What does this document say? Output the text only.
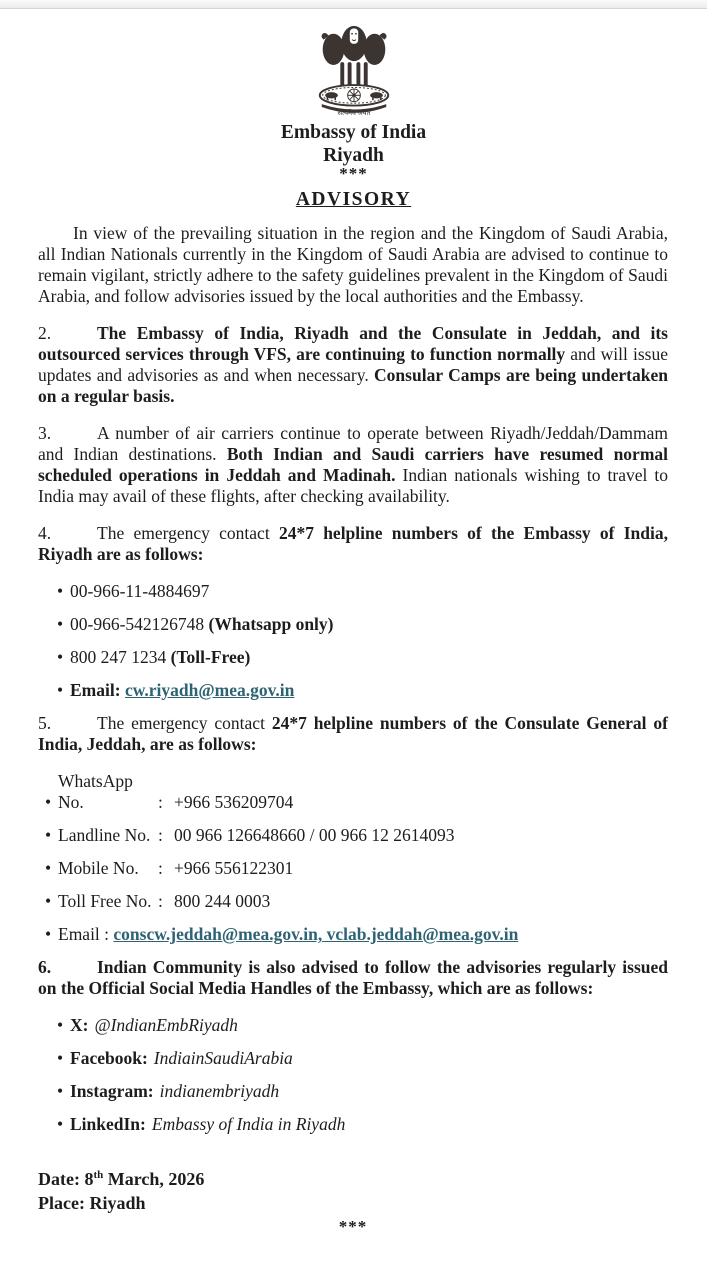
सत्यमेव जयते
Embassy of India
Riyadh
***
ADVISORY

In view of the prevailing situation in the region and the Kingdom of Saudi Arabia, all Indian Nationals currently in the Kingdom of Saudi Arabia are advised to continue to remain vigilant, strictly adhere to the safety guidelines prevalent in the Kingdom of Saudi Arabia, and follow advisories issued by the local authorities and the Embassy.

2.	The Embassy of India, Riyadh and the Consulate in Jeddah, and its outsourced services through VFS, are continuing to function normally and will issue updates and advisories as and when necessary. Consular Camps are being undertaken on a regular basis.

3.	A number of air carriers continue to operate between Riyadh/Jeddah/Dammam and Indian destinations. Both Indian and Saudi carriers have resumed normal scheduled operations in Jeddah and Madinah. Indian nationals wishing to travel to India may avail of these flights, after checking availability.

4.	The emergency contact 24*7 helpline numbers of the Embassy of India, Riyadh are as follows:

• 00-966-11-4884697
• 00-966-542126748 (Whatsapp only)
• 800 247 1234 (Toll-Free)
• Email: cw.riyadh@mea.gov.in

5.	The emergency contact 24*7 helpline numbers of the Consulate General of India, Jeddah, are as follows:

•WhatsApp No.	: +966 536209704
• Landline No. : 00 966 126648660 / 00 966 12 2614093
• Mobile No. : +966 556122301
• Toll Free No. : 800 244 0003
• Email : conscw.jeddah@mea.gov.in, vclab.jeddah@mea.gov.in

6.	Indian Community is also advised to follow the advisories regularly issued on the Official Social Media Handles of the Embassy, which are as follows:

• X: @IndianEmbRiyadh
• Facebook: IndiainSaudiArabia
• Instagram: indianembriyadh
• LinkedIn: Embassy of India in Riyadh
Date: 8th March, 2026
Place: Riyadh
***
